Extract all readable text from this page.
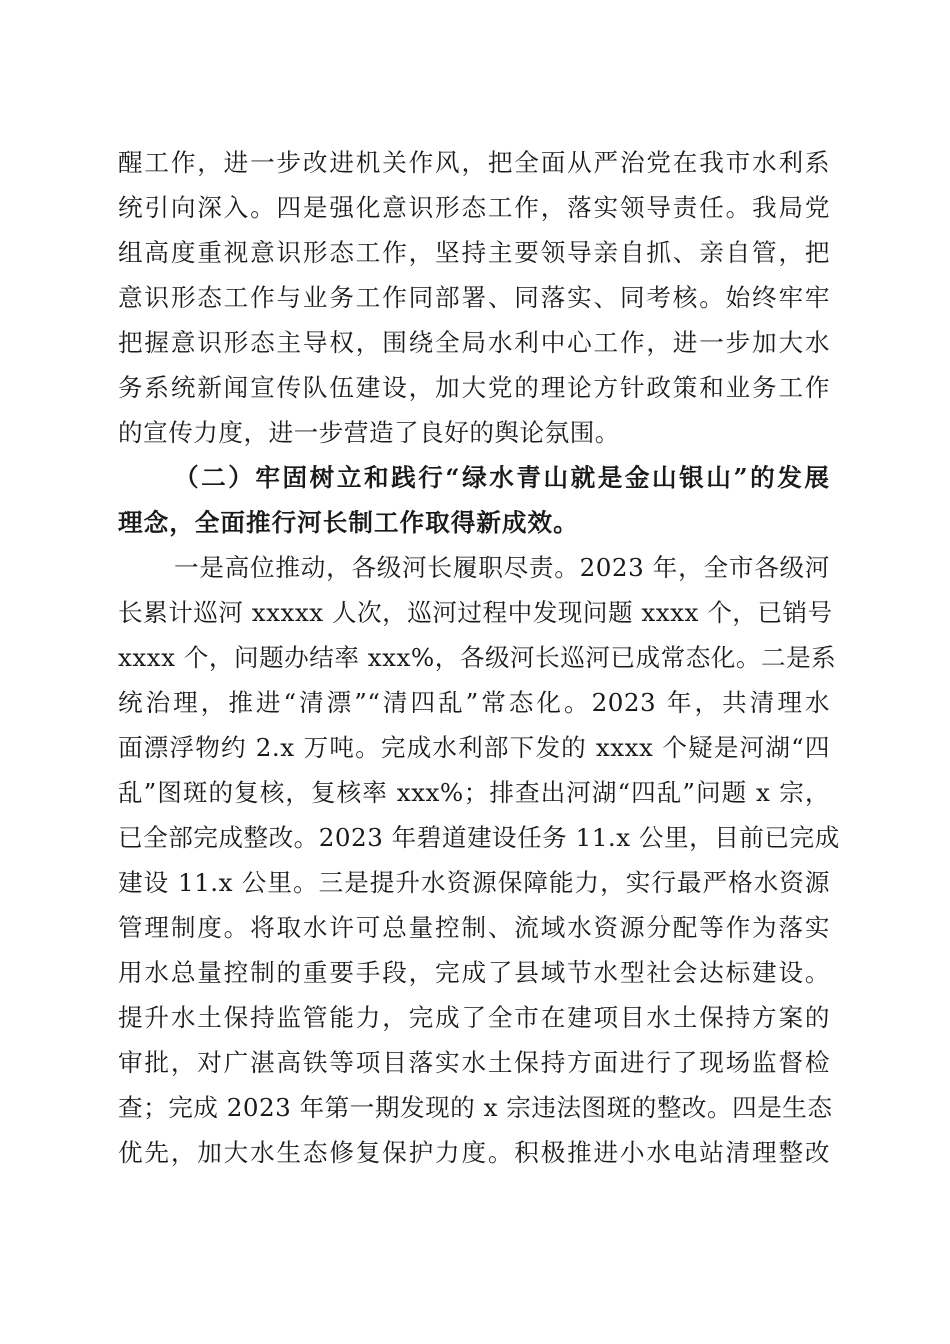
醒工作，进一步改进机关作风，把全面从严治党在我市水利系
统引向深入。四是强化意识形态工作，落实领导责任。我局党
组高度重视意识形态工作，坚持主要领导亲自抓、亲自管，把
意识形态工作与业务工作同部署、同落实、同考核。始终牢牢
把握意识形态主导权，围绕全局水利中心工作，进一步加大水
务系统新闻宣传队伍建设，加大党的理论方针政策和业务工作
的宣传力度，进一步营造了良好的舆论氛围。
（二）牢固树立和践行“绿水青山就是金山银山”的发展
理念，全面推行河长制工作取得新成效。
一是高位推动，各级河长履职尽责。2023 年，全市各级河
长累计巡河 xxxxx 人次，巡河过程中发现问题 xxxx 个，已销号
xxxx 个，问题办结率 xxx%，各级河长巡河已成常态化。二是系
统治理，推进“清漂”“清四乱”常态化。2023 年，共清理水
面漂浮物约 2.x 万吨。完成水利部下发的 xxxx 个疑是河湖“四
乱”图斑的复核，复核率 xxx%；排查出河湖“四乱”问题 x 宗，
已全部完成整改。2023 年碧道建设任务 11.x 公里，目前已完成
建设 11.x 公里。三是提升水资源保障能力，实行最严格水资源
管理制度。将取水许可总量控制、流域水资源分配等作为落实
用水总量控制的重要手段，完成了县域节水型社会达标建设。
提升水土保持监管能力，完成了全市在建项目水土保持方案的
审批，对广湛高铁等项目落实水土保持方面进行了现场监督检
查；完成 2023 年第一期发现的 x 宗违法图斑的整改。四是生态
优先，加大水生态修复保护力度。积极推进小水电站清理整改
